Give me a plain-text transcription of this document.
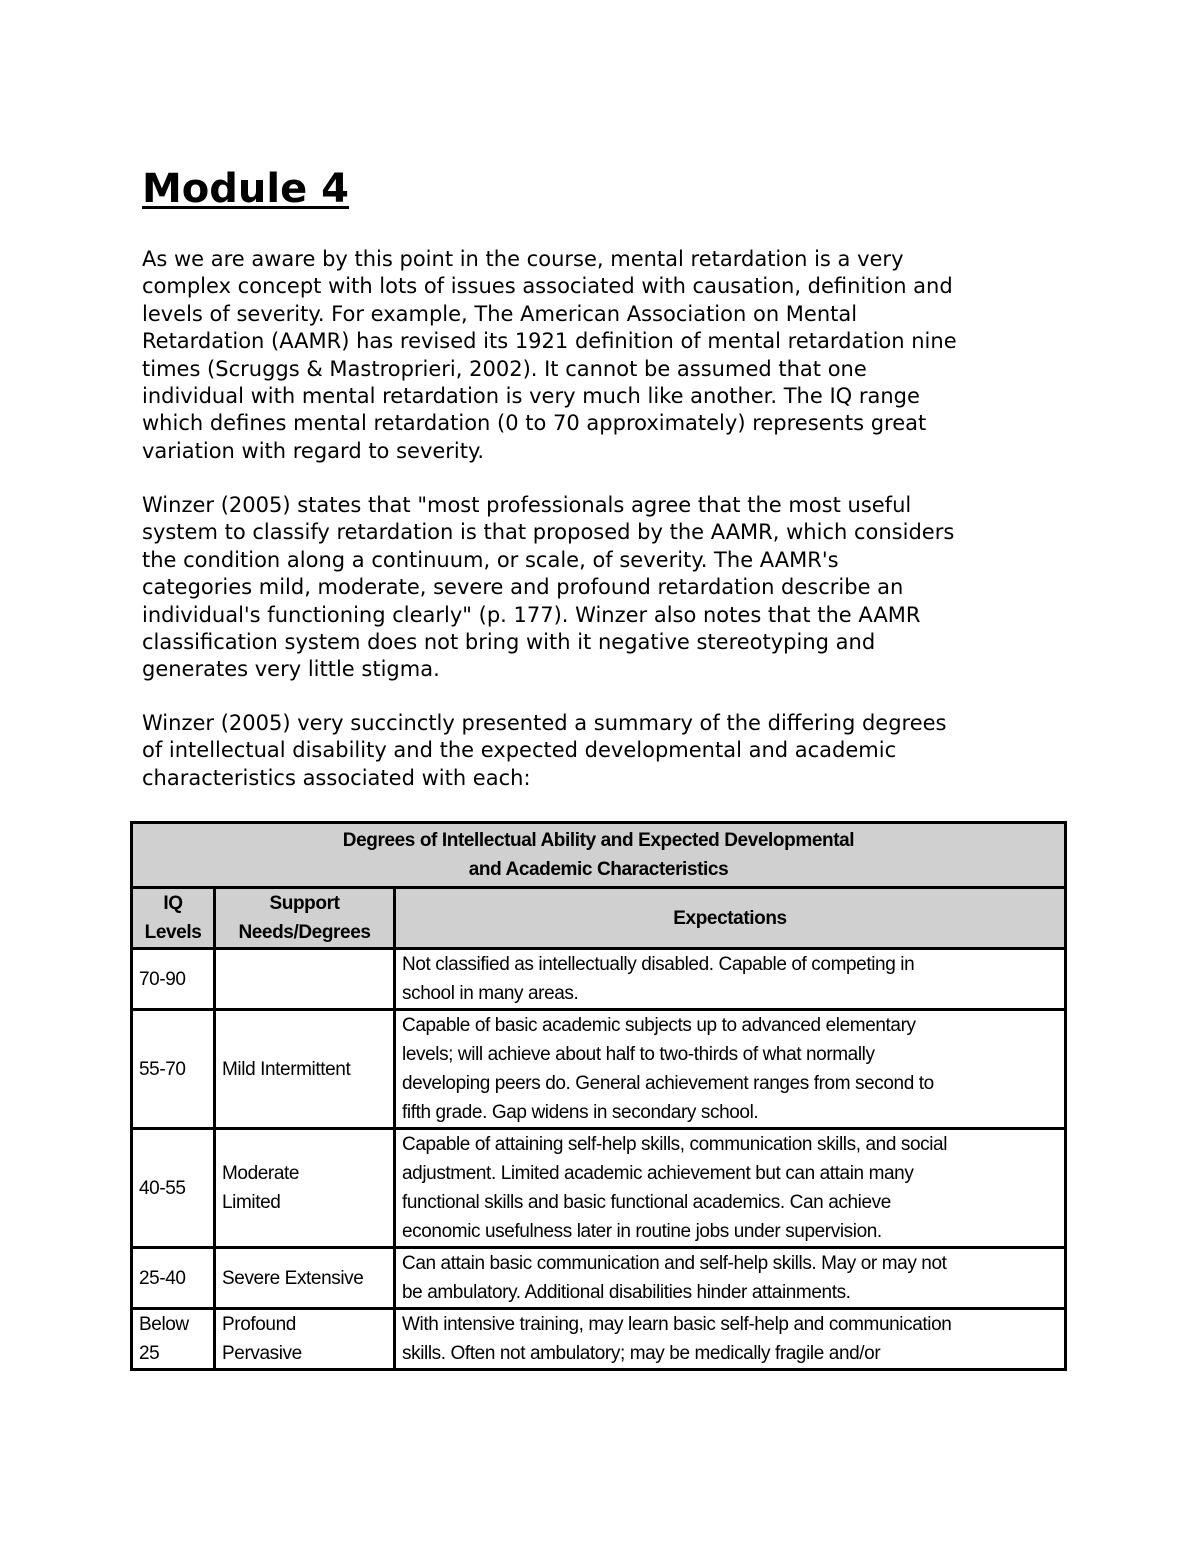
Module 4
As we are aware by this point in the course, mental retardation is a very
complex concept with lots of issues associated with causation, definition and
levels of severity. For example, The American Association on Mental
Retardation (AAMR) has revised its 1921 definition of mental retardation nine
times (Scruggs & Mastroprieri, 2002). It cannot be assumed that one
individual with mental retardation is very much like another. The IQ range
which defines mental retardation (0 to 70 approximately) represents great
variation with regard to severity.
Winzer (2005) states that "most professionals agree that the most useful
system to classify retardation is that proposed by the AAMR, which considers
the condition along a continuum, or scale, of severity. The AAMR's
categories mild, moderate, severe and profound retardation describe an
individual's functioning clearly" (p. 177). Winzer also notes that the AAMR
classification system does not bring with it negative stereotyping and
generates very little stigma.
Winzer (2005) very succinctly presented a summary of the differing degrees
of intellectual disability and the expected developmental and academic
characteristics associated with each:
Degrees of Intellectual Ability and Expected Developmental
and Academic Characteristics		

IQ
Levels	Support
Needs/Degrees	Expectations

70-90		Not classified as intellectually disabled. Capable of competing in
school in many areas.

55-70	Mild Intermittent	Capable of basic academic subjects up to advanced elementary
levels; will achieve about half to two-thirds of what normally
developing peers do. General achievement ranges from second to
fifth grade. Gap widens in secondary school.

40-55	Moderate
Limited	Capable of attaining self-help skills, communication skills, and social
adjustment. Limited academic achievement but can attain many
functional skills and basic functional academics. Can achieve
economic usefulness later in routine jobs under supervision.

25-40	Severe Extensive	Can attain basic communication and self-help skills. May or may not
be ambulatory. Additional disabilities hinder attainments.

Below
25	Profound
Pervasive	With intensive training, may learn basic self-help and communication
skills. Often not ambulatory; may be medically fragile and/or
